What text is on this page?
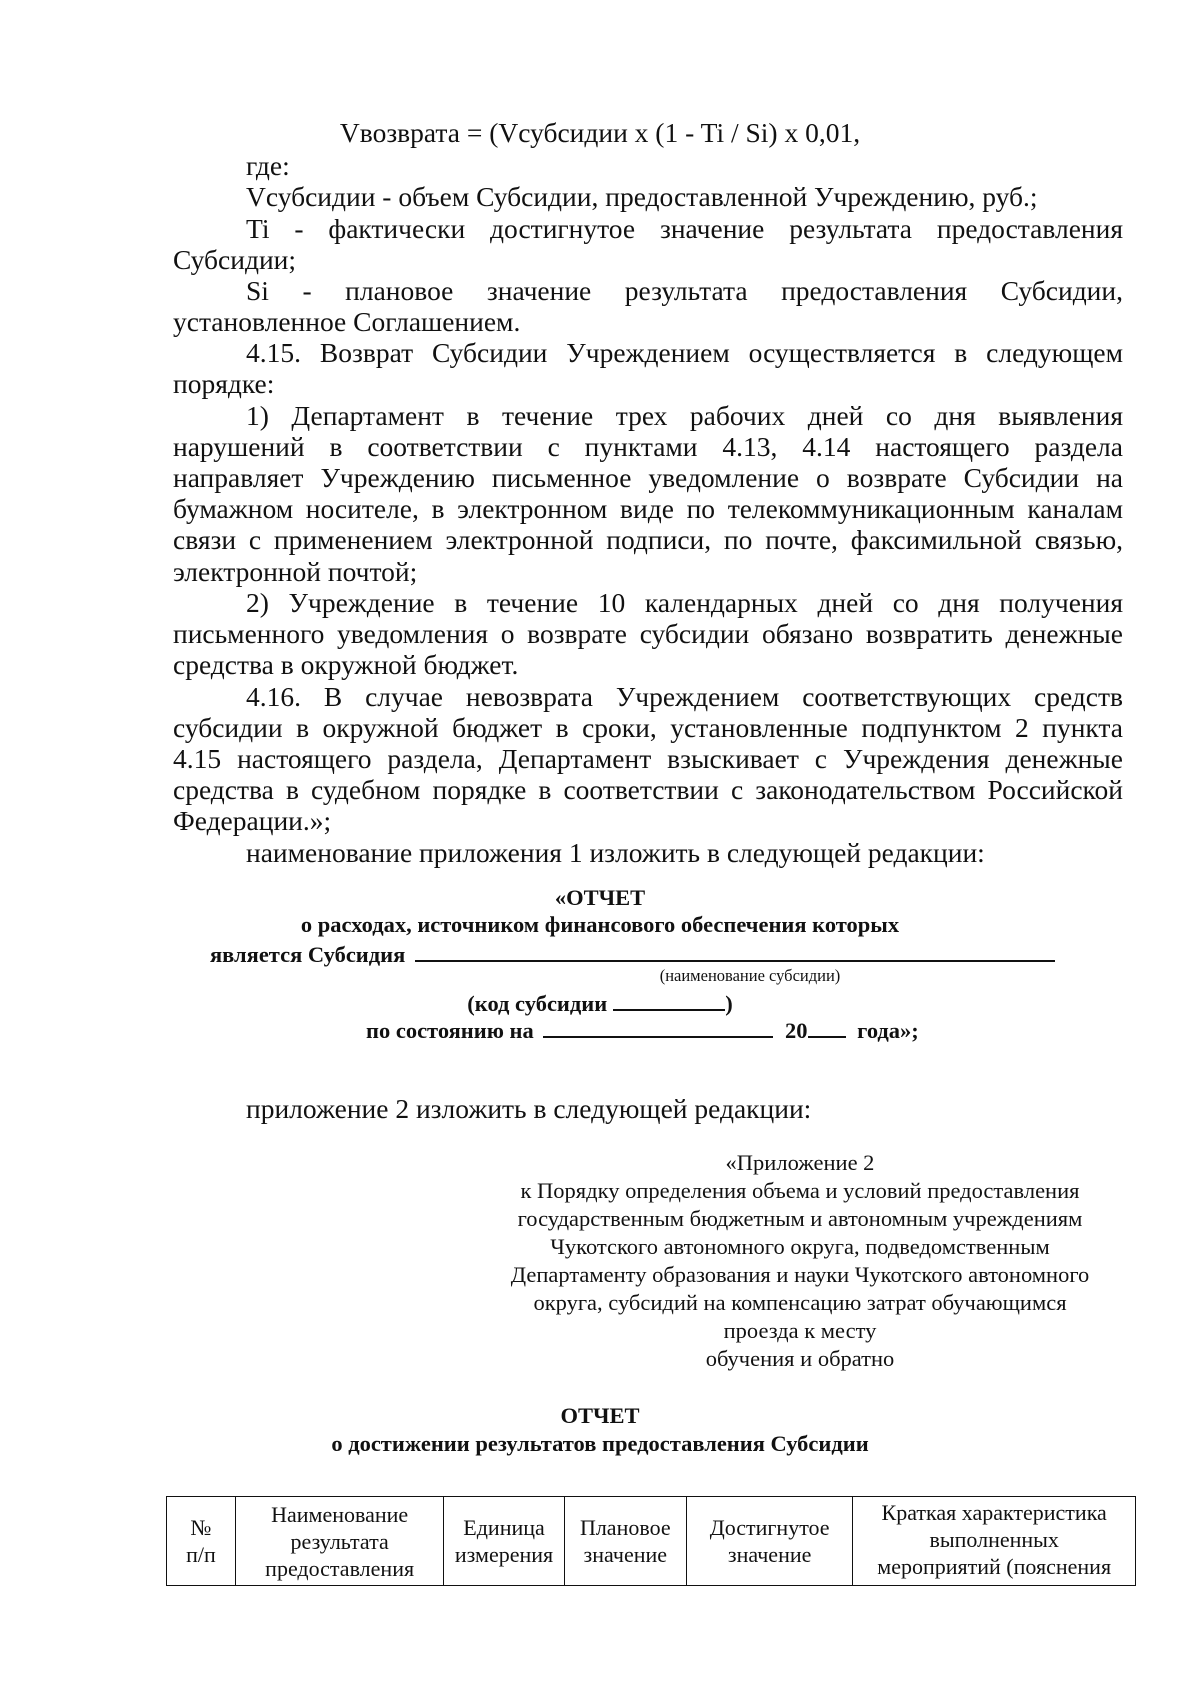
Vвозврата = (Vсубсидии x (1 - Ti / Si) x 0,01,
где:
Vсубсидии - объем Субсидии, предоставленной Учреждению, руб.;
Ti - фактически достигнутое значение результата предоставления
Субсидии;
Si - плановое значение результата предоставления Субсидии,
установленное Соглашением.
4.15. Возврат Субсидии Учреждением осуществляется в следующем
порядке:
1) Департамент в течение трех рабочих дней со дня выявления
нарушений в соответствии с пунктами 4.13, 4.14 настоящего раздела
направляет Учреждению письменное уведомление о возврате Субсидии на
бумажном носителе, в электронном виде по телекоммуникационным каналам
связи с применением электронной подписи, по почте, факсимильной связью,
электронной почтой;
2) Учреждение в течение 10 календарных дней со дня получения
письменного уведомления о возврате субсидии обязано возвратить денежные
средства в окружной бюджет.
4.16. В случае невозврата Учреждением соответствующих средств
субсидии в окружной бюджет в сроки, установленные подпунктом 2 пункта
4.15 настоящего раздела, Департамент взыскивает с Учреждения денежные
средства в судебном порядке в соответствии с законодательством Российской
Федерации.»;
наименование приложения 1 изложить в следующей редакции:
«ОТЧЕТ
о расходах, источником финансового обеспечения которых
является Субсидия
(наименование субсидии)
(код субсидии	)
по состоянию на	20 года»;
приложение 2 изложить в следующей редакции:
«Приложение 2
к Порядку определения объема и условий предоставления
государственным бюджетным и автономным учреждениям
Чукотского автономного округа, подведомственным
Департаменту образования и науки Чукотского автономного
округа, субсидий на компенсацию затрат обучающимся
проезда к месту
обучения и обратно
ОТЧЕТ
о достижении результатов предоставления Субсидии
№
п/п	Наименование
результата
предоставления	Единица
измерения	Плановое
значение	Достигнутое
значение	Краткая характеристика
выполненных
мероприятий (пояснения
